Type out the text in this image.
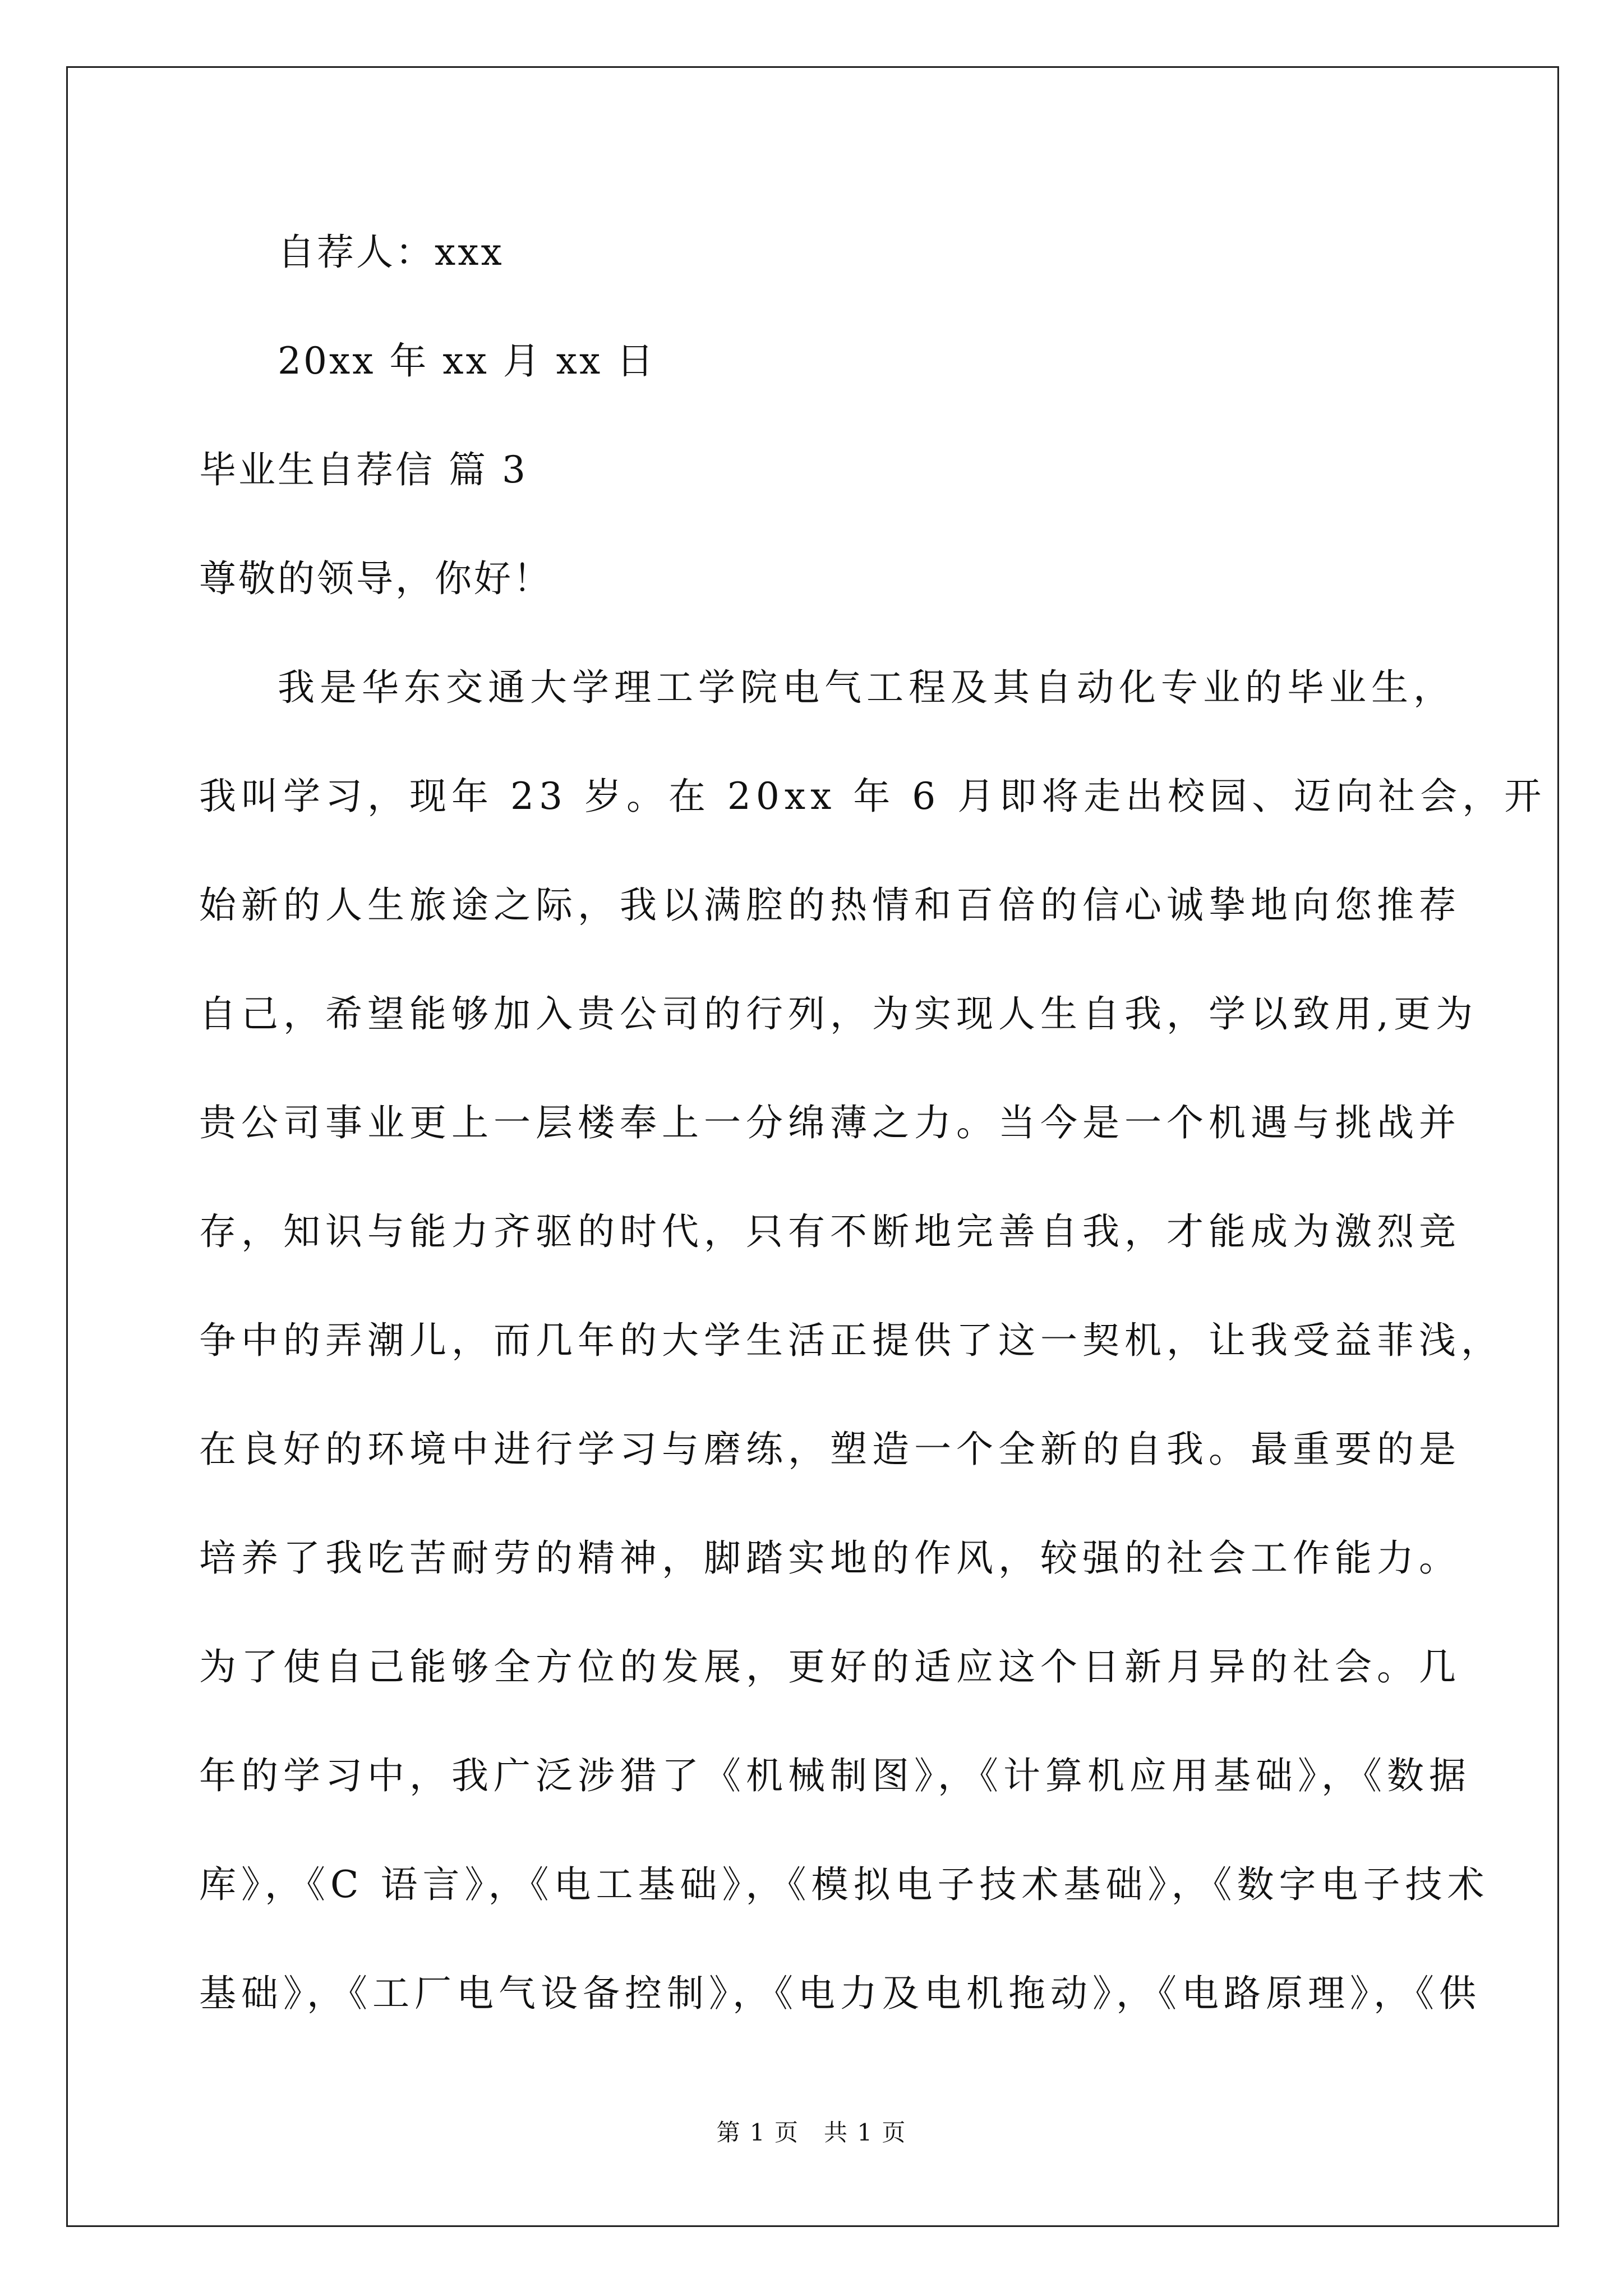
自荐人：xxx
20xx 年 xx 月 xx 日
毕业生自荐信 篇 3
尊敬的领导，你好！
我是华东交通大学理工学院电气工程及其自动化专业的毕业生，
我叫学习，现年 23 岁。在 20xx 年 6 月即将走出校园、迈向社会，开
始新的人生旅途之际，我以满腔的热情和百倍的信心诚挚地向您推荐
自己，希望能够加入贵公司的行列，为实现人生自我，学以致用,更为
贵公司事业更上一层楼奉上一分绵薄之力。当今是一个机遇与挑战并
存，知识与能力齐驱的时代，只有不断地完善自我，才能成为激烈竞
争中的弄潮儿，而几年的大学生活正提供了这一契机，让我受益菲浅，
在良好的环境中进行学习与磨练，塑造一个全新的自我。最重要的是
培养了我吃苦耐劳的精神，脚踏实地的作风，较强的社会工作能力。
为了使自己能够全方位的发展，更好的适应这个日新月异的社会。几
年的学习中，我广泛涉猎了《机械制图》，《计算机应用基础》，《数据
库》，《C 语言》，《电工基础》，《模拟电子技术基础》，《数字电子技术
基础》，《工厂电气设备控制》，《电力及电机拖动》，《电路原理》，《供
第 1 页　共 1 页
